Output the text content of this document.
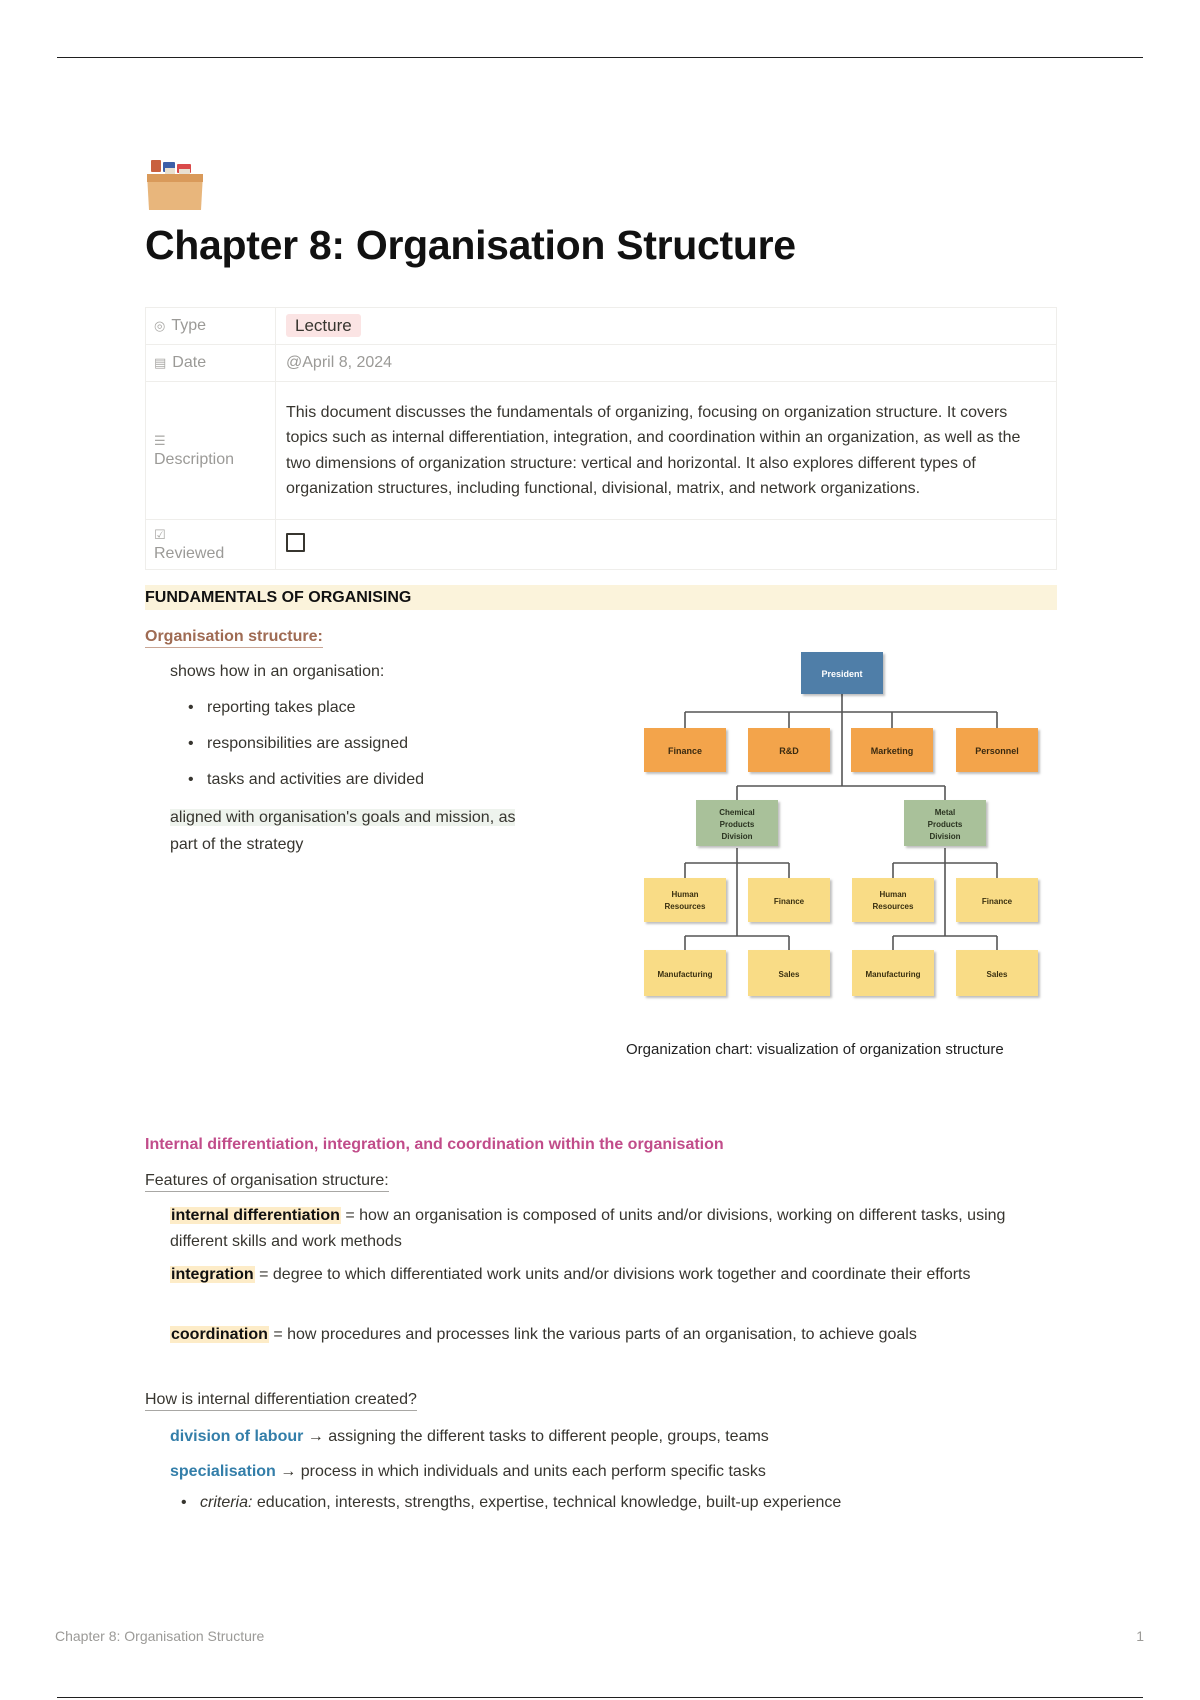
Chapter 8: Organisation Structure
◎ Type	Lecture
▤ Date	@April 8, 2024

☰
Description	This document discusses the fundamentals of organizing, focusing on organization structure. It covers topics such as internal differentiation, integration, and coordination within an organization, as well as the two dimensions of organization structure: vertical and horizontal. It also explores different types of organization structures, including functional, divisional, matrix, and network organizations.

☑
Reviewed	
FUNDAMENTALS OF ORGANISING
Organisation structure:
shows how in an organisation:
• reporting takes place
• responsibilities are assigned
• tasks and activities are divided
aligned with organisation's goals and mission, as
part of the strategy
President
Finance	R&D	Marketing	Personnel
Chemical
Products
Division
Metal
Products
Division
Human
Resources
Finance
Human
Resources
Finance
Manufacturing	Sales	Manufacturing	Sales
Organization chart: visualization of organization structure
Internal differentiation, integration, and coordination within the organisation
Features of organisation structure:
internal differentiation = how an organisation is composed of units and/or divisions, working on different tasks, using different skills and work methods
integration = degree to which differentiated work units and/or divisions work together and coordinate their efforts
coordination = how procedures and processes link the various parts of an organisation, to achieve goals
How is internal differentiation created?
division of labour → assigning the different tasks to different people, groups, teams
specialisation → process in which individuals and units each perform specific tasks
• criteria: education, interests, strengths, expertise, technical knowledge, built-up experience
Chapter 8: Organisation Structure	1
